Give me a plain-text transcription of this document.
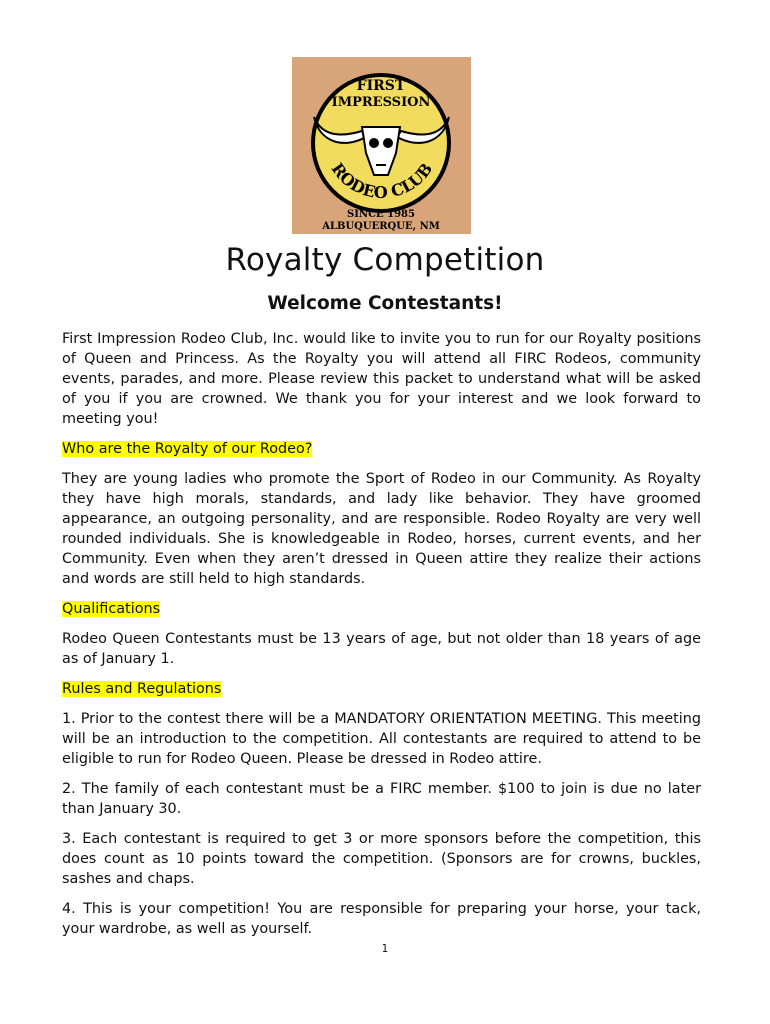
FIRST
IMPRESSION
RODEO CLUB
SINCE 1985
ALBUQUERQUE, NM
Royalty Competition
Welcome Contestants!

First Impression Rodeo Club, Inc. would like to invite you to run for our Royalty positions of Queen and Princess. As the Royalty you will attend all FIRC Rodeos, community events, parades, and more. Please review this packet to understand what will be asked of you if you are crowned. We thank you for your interest and we look forward to meeting you!

Who are the Royalty of our Rodeo?

They are young ladies who promote the Sport of Rodeo in our Community. As Royalty they have high morals, standards, and lady like behavior. They have groomed appearance, an outgoing personality, and are responsible. Rodeo Royalty are very well rounded individuals. She is knowledgeable in Rodeo, horses, current events, and her Community. Even when they aren’t dressed in Queen attire they realize their actions and words are still held to high standards.

Qualifications

Rodeo Queen Contestants must be 13 years of age, but not older than 18 years of age as of January 1.

Rules and Regulations

1. Prior to the contest there will be a MANDATORY ORIENTATION MEETING. This meeting will be an introduction to the competition. All contestants are required to attend to be eligible to run for Rodeo Queen. Please be dressed in Rodeo attire.

2. The family of each contestant must be a FIRC member. $100 to join is due no later than January 30.

3. Each contestant is required to get 3 or more sponsors before the competition, this does count as 10 points toward the competition. (Sponsors are for crowns, buckles, sashes and chaps.

4. This is your competition! You are responsible for preparing your horse, your tack, your wardrobe, as well as yourself.

1
